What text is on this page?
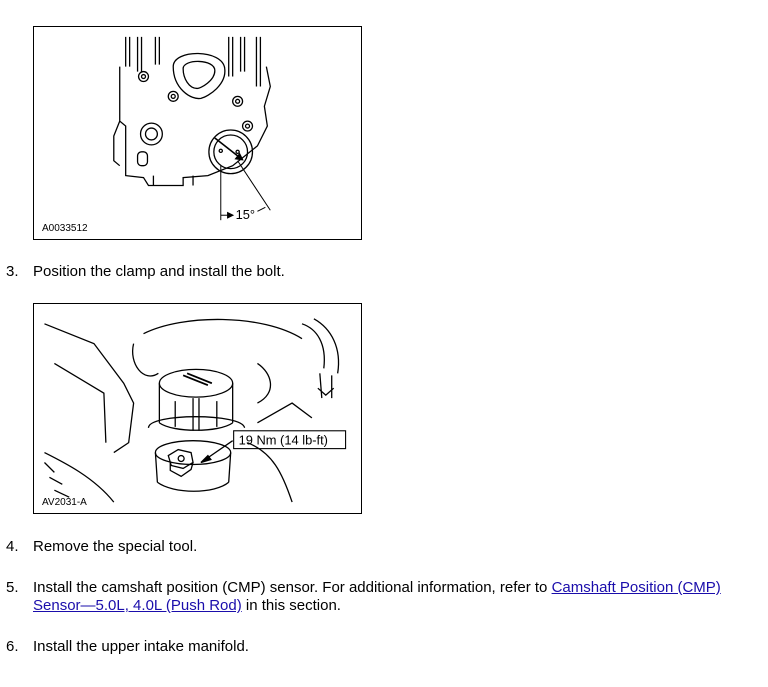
15°
A0033512
3. Position the clamp and install the bolt.
19 Nm (14 lb-ft)
AV2031-A
4. Remove the special tool.
5. Install the camshaft position (CMP) sensor. For additional information, refer to Camshaft Position (CMP) Sensor—5.0L, 4.0L (Push Rod) in this section.
6. Install the upper intake manifold.
